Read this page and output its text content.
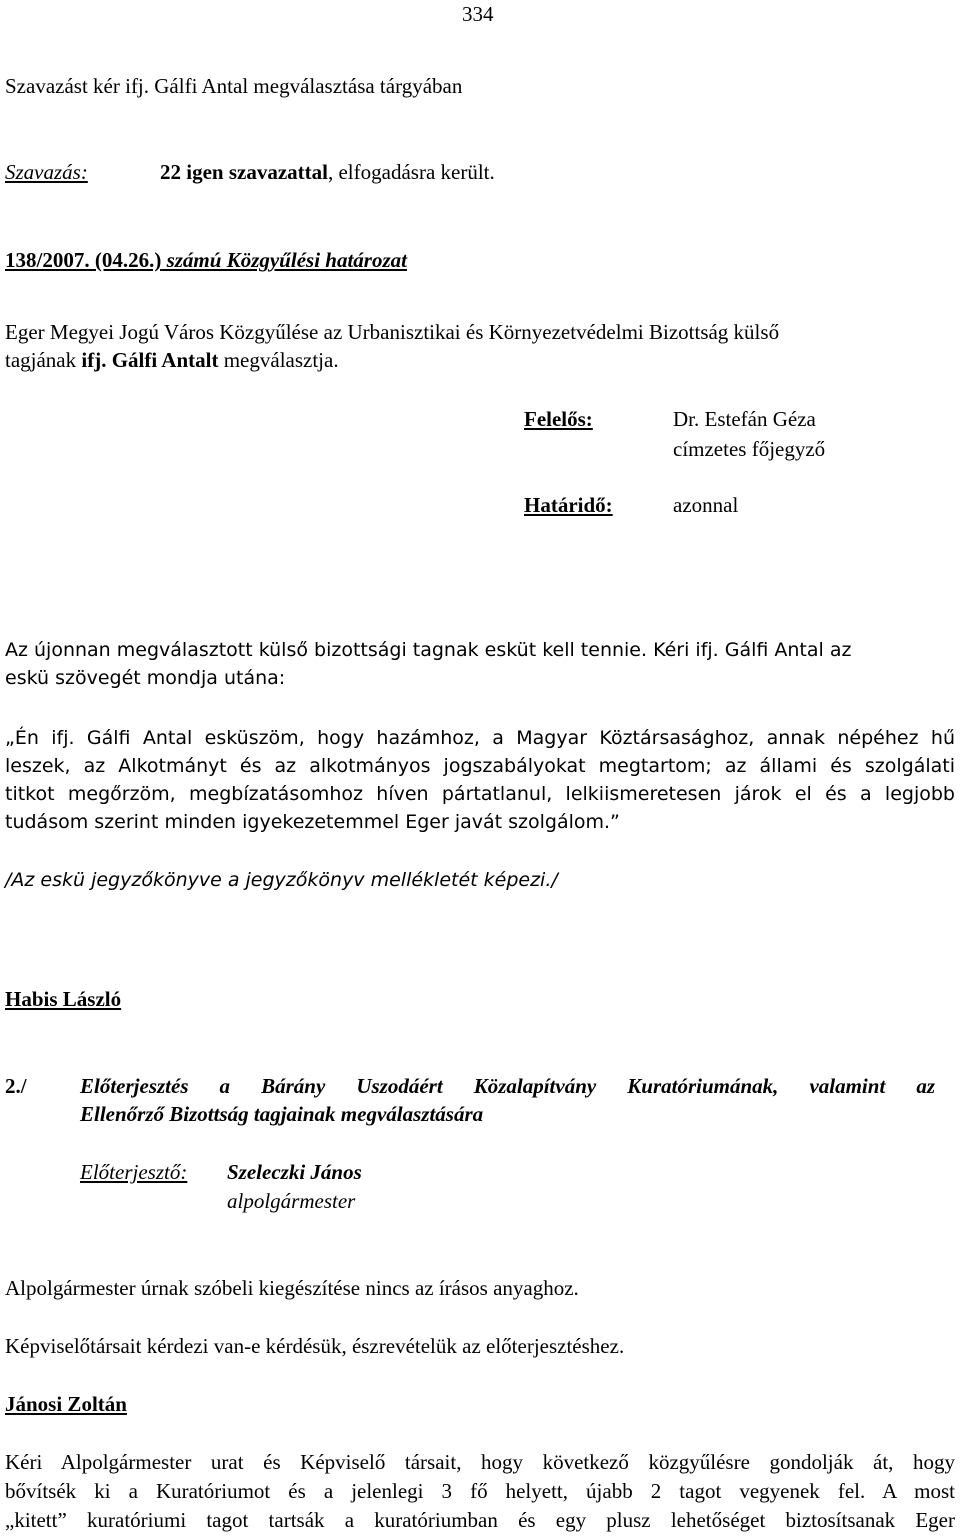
334
Szavazást kér ifj. Gálfi Antal megválasztása tárgyában
Szavazás:	22 igen szavazattal, elfogadásra került.
138/2007. (04.26.) számú Közgyűlési határozat
Eger Megyei Jogú Város Közgyűlése az Urbanisztikai és Környezetvédelmi Bizottság külső
tagjának ifj. Gálfi Antalt megválasztja.
Felelős:	Dr. Estefán Géza
címzetes főjegyző
Határidő:	azonnal
Az újonnan megválasztott külső bizottsági tagnak esküt kell tennie. Kéri ifj. Gálfi Antal az
eskü szövegét mondja utána:
„Én ifj. Gálfi Antal esküszöm, hogy hazámhoz, a Magyar Köztársasághoz, annak népéhez hű
leszek, az Alkotmányt és az alkotmányos jogszabályokat megtartom; az állami és szolgálati
titkot megőrzöm, megbízatásomhoz híven pártatlanul, lelkiismeretesen járok el és a legjobb
tudásom szerint minden igyekezetemmel Eger javát szolgálom.”
/Az eskü jegyzőkönyve a jegyzőkönyv mellékletét képezi./
Habis László
2./	Előterjesztés a Bárány Uszodáért Közalapítvány Kuratóriumának, valamint az
Ellenőrző Bizottság tagjainak megválasztására
Előterjesztő: Szeleczki János
alpolgármester
Alpolgármester úrnak szóbeli kiegészítése nincs az írásos anyaghoz.
Képviselőtársait kérdezi van-e kérdésük, észrevételük az előterjesztéshez.
Jánosi Zoltán
Kéri Alpolgármester urat és Képviselő társait, hogy következő közgyűlésre gondolják át, hogy
bővítsék ki a Kuratóriumot és a jelenlegi 3 fő helyett, újabb 2 tagot vegyenek fel. A most
„kitett” kuratóriumi tagot tartsák a kuratóriumban és egy plusz lehetőséget biztosítsanak Eger
